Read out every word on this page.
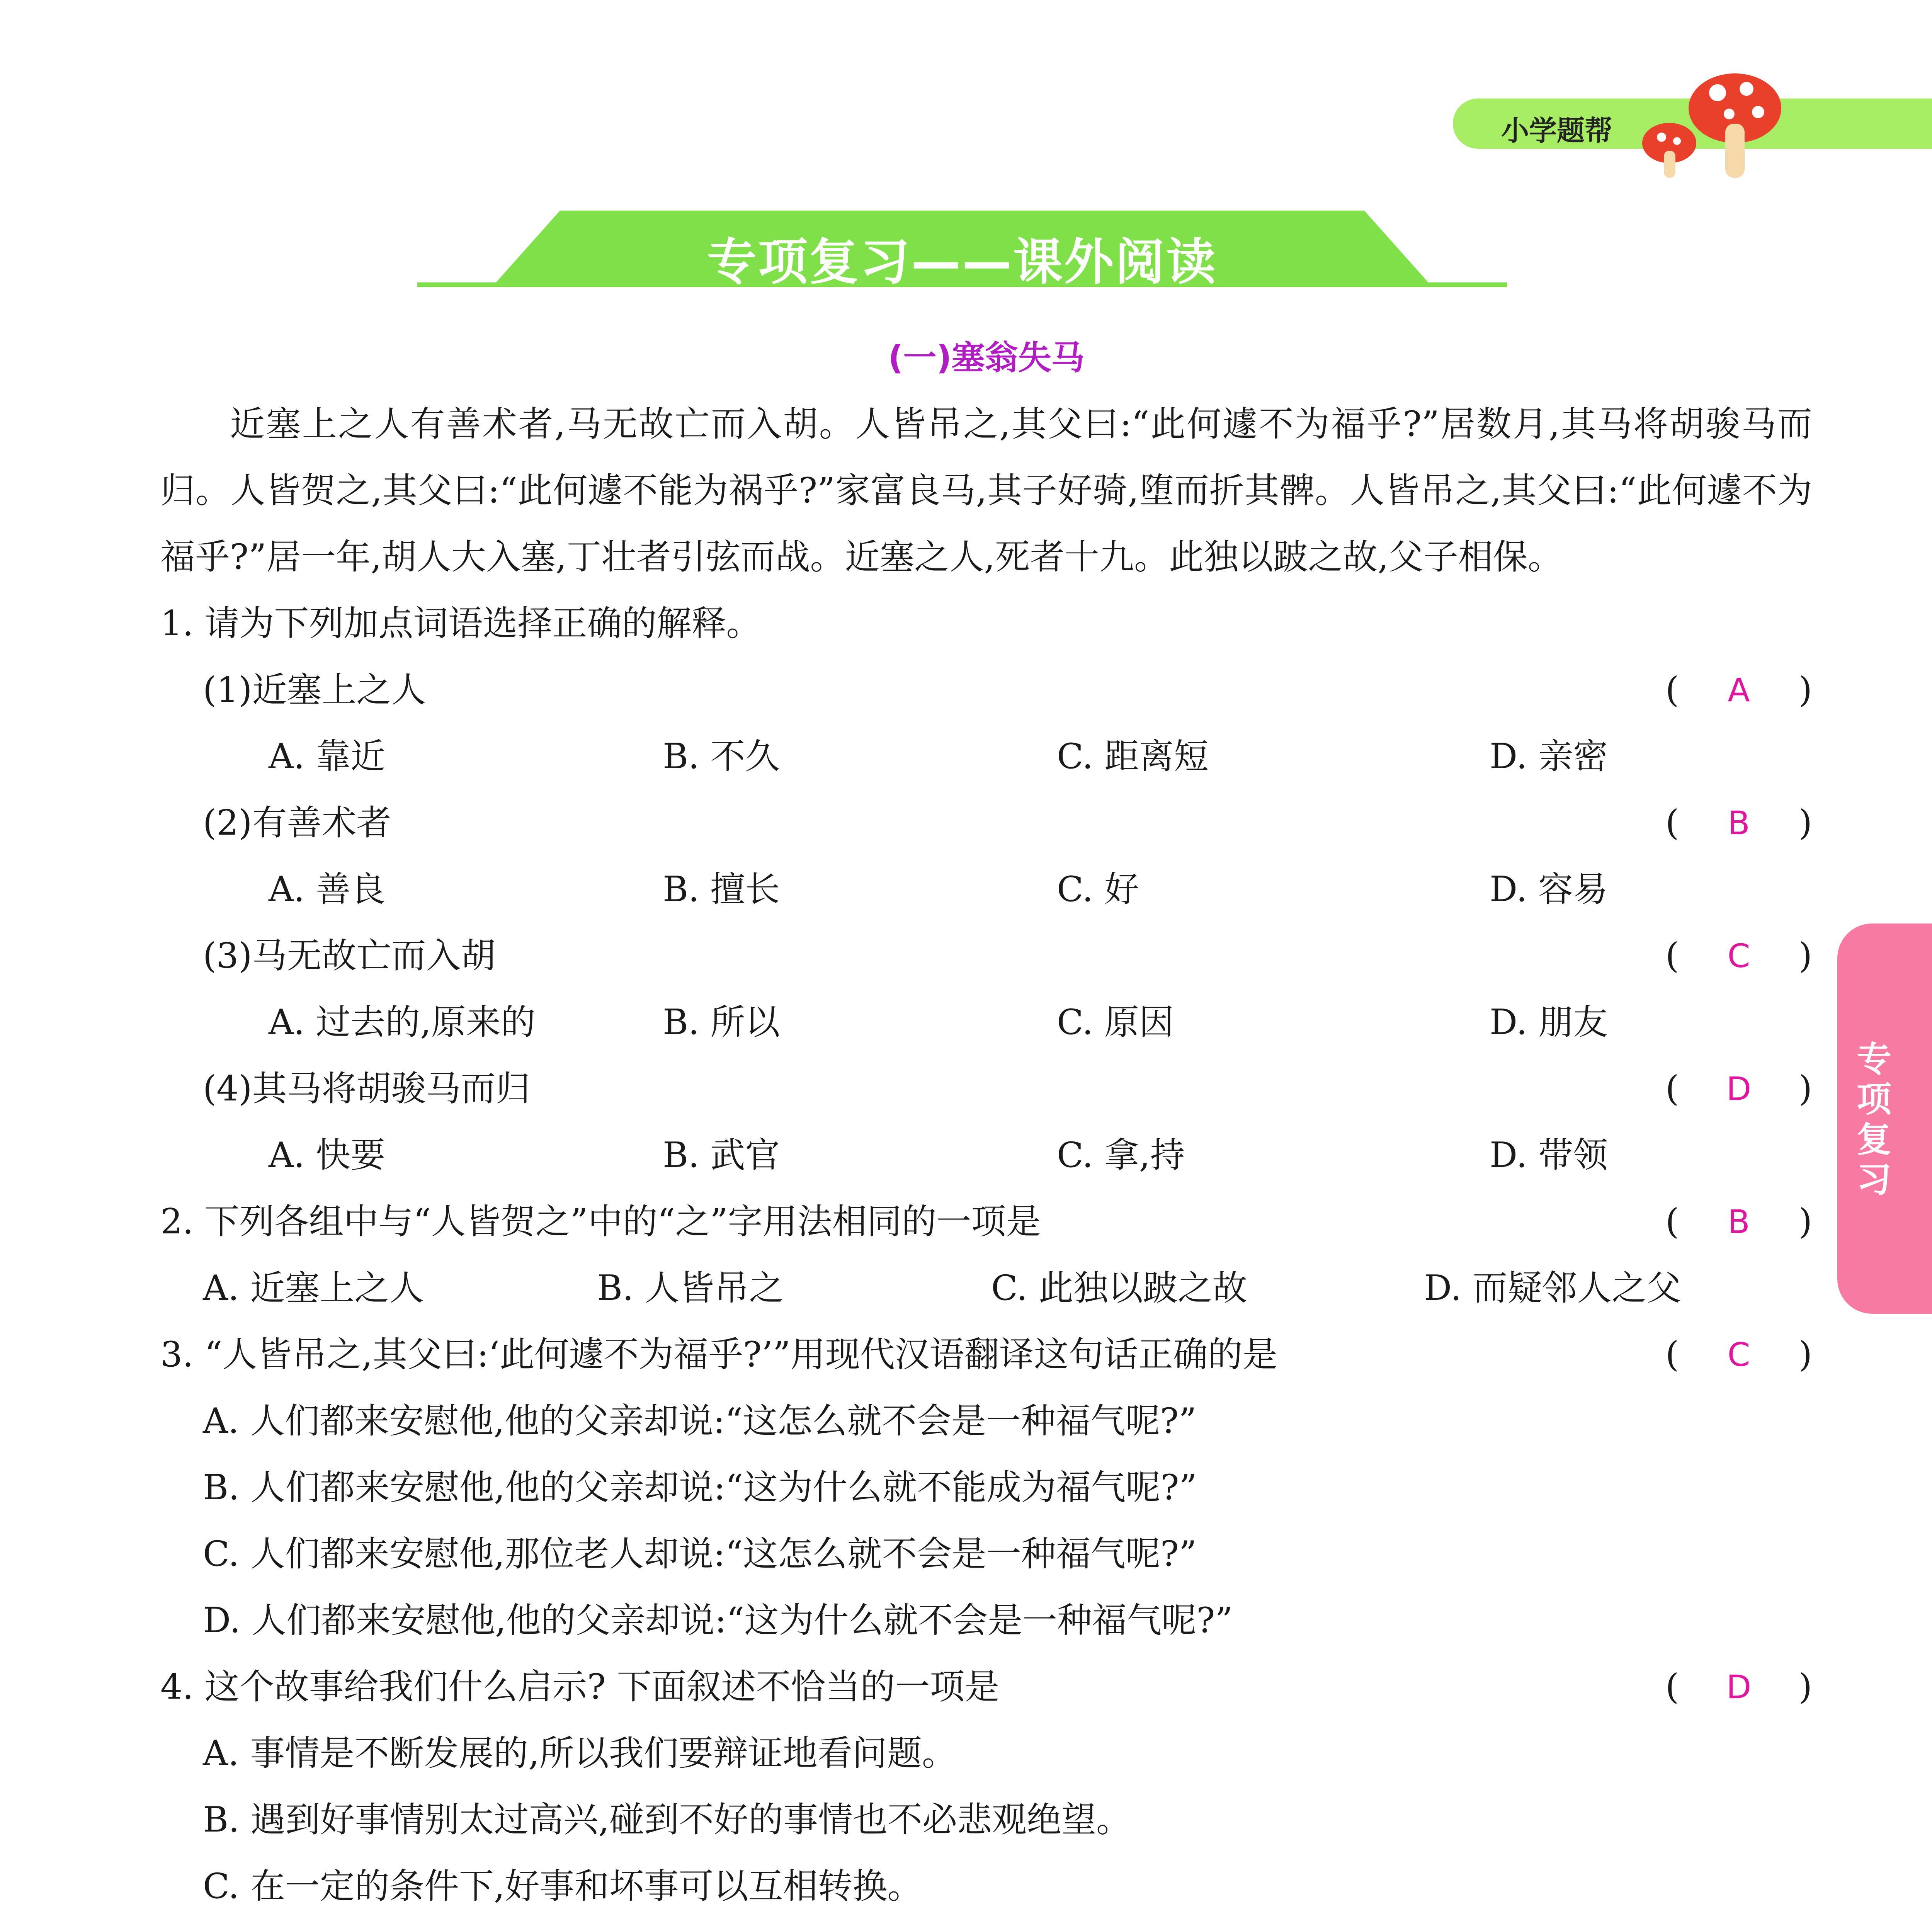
小学题帮
专项复习——课外阅读
专
项
复
习
(一)塞翁失马
近塞上之人有善术者,马无故亡而入胡。人皆吊之,其父曰:“此何遽不为福乎?”居数月,其马将胡骏马而归。人皆贺之,其父曰:“此何遽不能为祸乎?”家富良马,其子好骑,堕而折其髀。人皆吊之,其父曰:“此何遽不为福乎?”居一年,胡人大入塞,丁壮者引弦而战。近塞之人,死者十九。此独以跛之故,父子相保。
1. 请为下列加点词语选择正确的解释。
(1)近塞上之人	( A )
A. 靠近	B. 不久	C. 距离短	D. 亲密
(2)有善术者	( B )
A. 善良	B. 擅长	C. 好	D. 容易
(3)马无故亡而入胡	( C )
A. 过去的,原来的	B. 所以	C. 原因	D. 朋友
(4)其马将胡骏马而归	( D )
A. 快要	B. 武官	C. 拿,持	D. 带领
2. 下列各组中与“人皆贺之”中的“之”字用法相同的一项是	( B )
A. 近塞上之人	B. 人皆吊之	C. 此独以跛之故	D. 而疑邻人之父
3. “人皆吊之,其父曰:‘此何遽不为福乎?’”用现代汉语翻译这句话正确的是	( C )
A. 人们都来安慰他,他的父亲却说:“这怎么就不会是一种福气呢?”
B. 人们都来安慰他,他的父亲却说:“这为什么就不能成为福气呢?”
C. 人们都来安慰他,那位老人却说:“这怎么就不会是一种福气呢?”
D. 人们都来安慰他,他的父亲却说:“这为什么就不会是一种福气呢?”
4. 这个故事给我们什么启示? 下面叙述不恰当的一项是	( D )
A. 事情是不断发展的,所以我们要辩证地看问题。
B. 遇到好事情别太过高兴,碰到不好的事情也不必悲观绝望。
C. 在一定的条件下,好事和坏事可以互相转换。
